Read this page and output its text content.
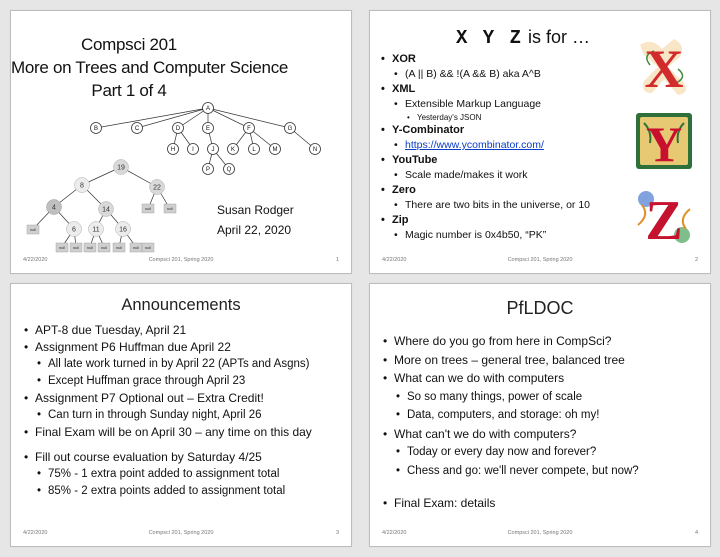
Compsci 201
More on Trees and Computer Science
Part 1 of 4
A
B	C	D	E	F	G
H	I	J	K	L	M	N
P	Q
19
8	22
4	14
6 11	16
null	null
null
null null null null null	null null
Susan Rodger
April 22, 2020
4/22/2020	Compsci 201, Spring 2020	1
X Y Z is for …
• XOR
• (A || B) && !(A && B) aka A^B
• XML
• Extensible Markup Language
• Yesterday's JSON
• Y-Combinator
• https://www.ycombinator.com/
• YouTube
• Scale made/makes it work
• Zero
• There are two bits in the universe, or 10
• Zip
• Magic number is 0x4b50, “PK”
X
Y
Z
4/22/2020	Compsci 201, Spring 2020	2
Announcements
• APT-8 due Tuesday, April 21
• Assignment P6 Huffman due April 22
• All late work turned in by April 22 (APTs and Asgns)
• Except Huffman grace through April 23
• Assignment P7 Optional out – Extra Credit!
• Can turn in through Sunday night, April 26
• Final Exam will be on April 30 – any time on this day
• Fill out course evaluation by Saturday 4/25
• 75% - 1 extra point added to assignment total
• 85% - 2 extra points added to assignment total
4/22/2020	Compsci 201, Spring 2020	3
PfLDOC
• Where do you go from here in CompSci?
• More on trees – general tree, balanced tree
• What can we do with computers
• So so many things, power of scale
• Data, computers, and storage: oh my!
• What can't we do with computers?
• Today or every day now and forever?
• Chess and go: we'll never compete, but now?
• Final Exam: details
4/22/2020	Compsci 201, Spring 2020	4
